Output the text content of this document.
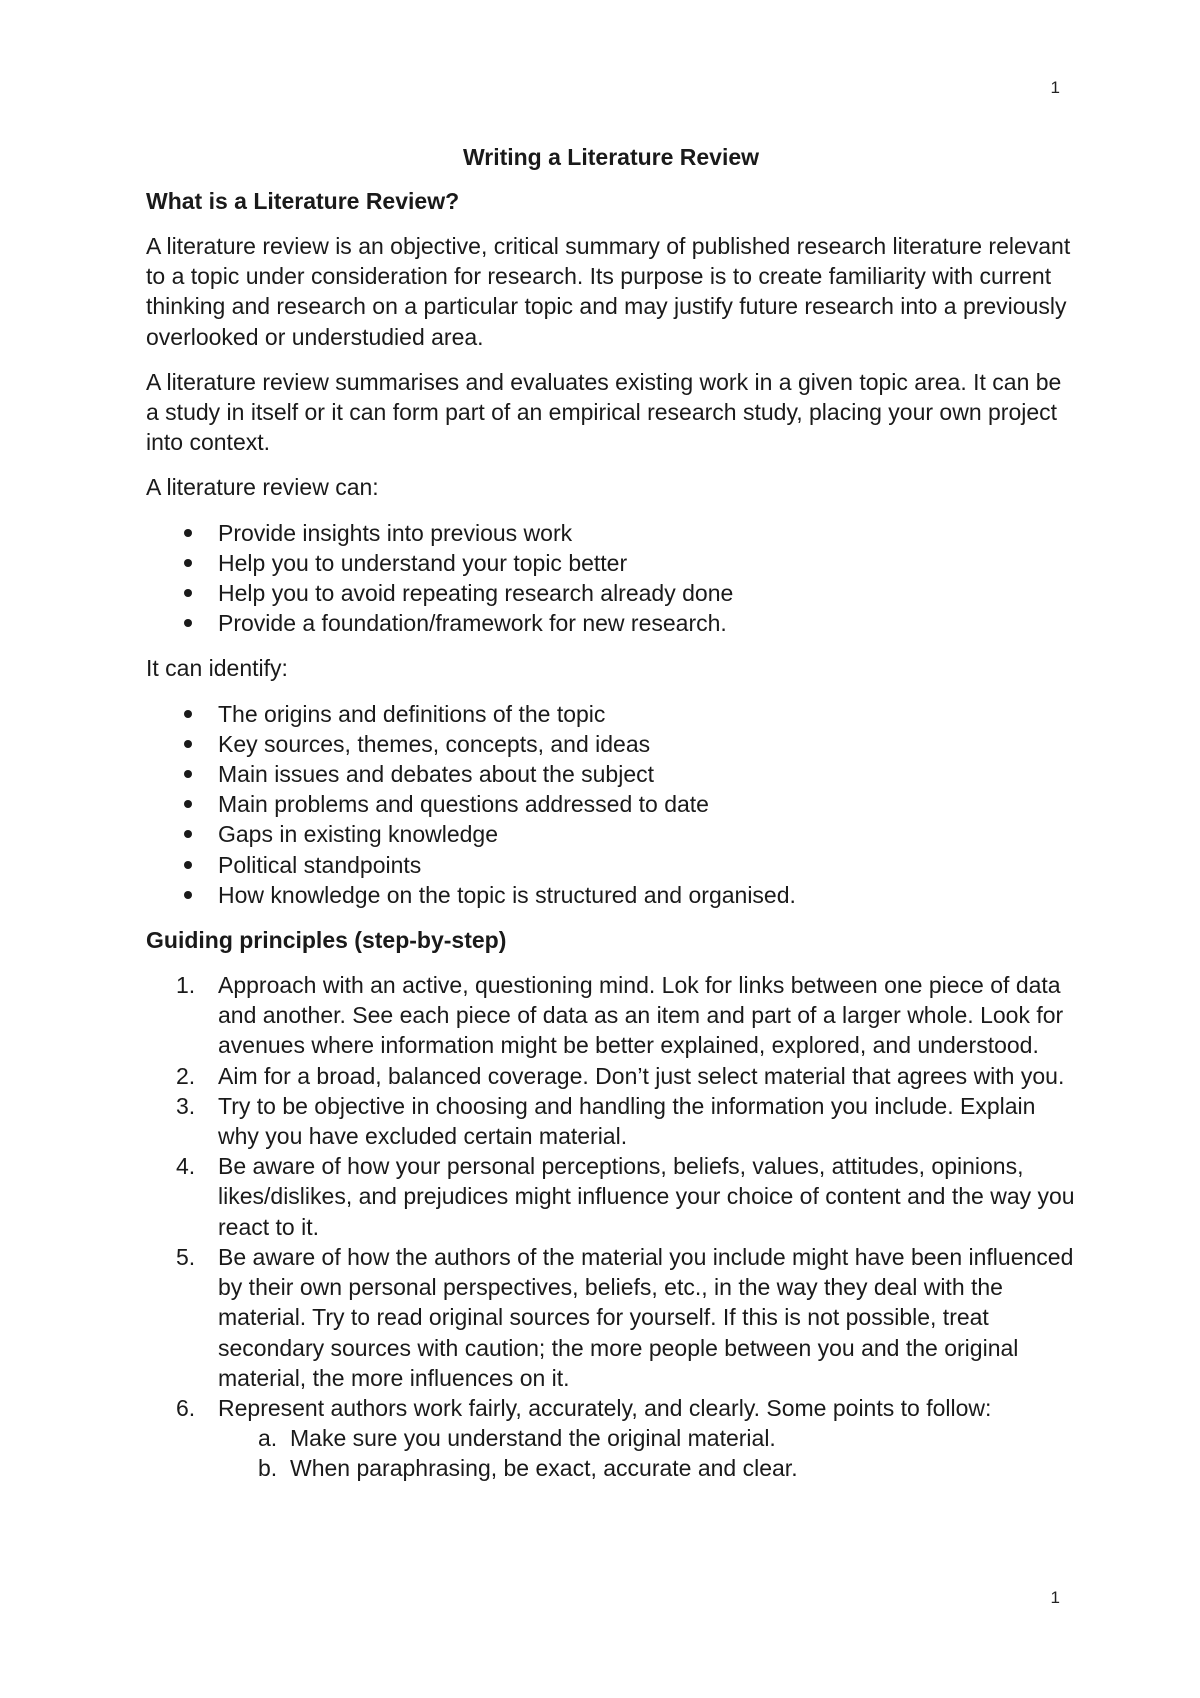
1
Writing a Literature Review
What is a Literature Review?

A literature review is an objective, critical summary of published research literature relevant to a topic under consideration for research. Its purpose is to create familiarity with current thinking and research on a particular topic and may justify future research into a previously overlooked or understudied area.

A literature review summarises and evaluates existing work in a given topic area. It can be a study in itself or it can form part of an empirical research study, placing your own project into context.

A literature review can:

Provide insights into previous work
Help you to understand your topic better
Help you to avoid repeating research already done
Provide a foundation/framework for new research.

It can identify:

The origins and definitions of the topic
Key sources, themes, concepts, and ideas
Main issues and debates about the subject
Main problems and questions addressed to date
Gaps in existing knowledge
Political standpoints
How knowledge on the topic is structured and organised.
Guiding principles (step-by-step)
1. Approach with an active, questioning mind. Lok for links between one piece of data and another. See each piece of data as an item and part of a larger whole. Look for avenues where information might be better explained, explored, and understood.
2. Aim for a broad, balanced coverage. Don’t just select material that agrees with you.
3. Try to be objective in choosing and handling the information you include. Explain why you have excluded certain material.
4. Be aware of how your personal perceptions, beliefs, values, attitudes, opinions, likes/dislikes, and prejudices might influence your choice of content and the way you react to it.
5. Be aware of how the authors of the material you include might have been influenced by their own personal perspectives, beliefs, etc., in the way they deal with the material. Try to read original sources for yourself. If this is not possible, treat secondary sources with caution; the more people between you and the original material, the more influences on it.
6. Represent authors work fairly, accurately, and clearly. Some points to follow:
a. Make sure you understand the original material.
b. When paraphrasing, be exact, accurate and clear.
1
